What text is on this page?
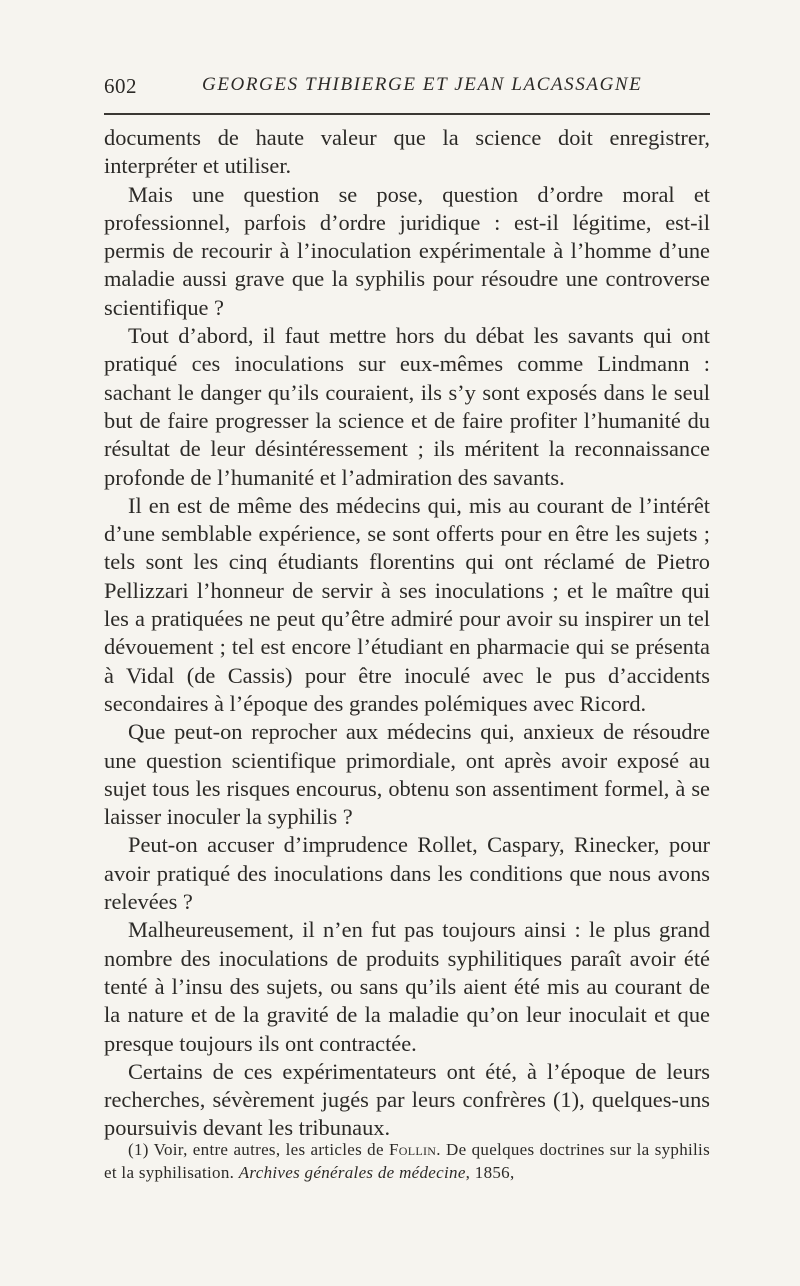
602	GEORGES THIBIERGE ET JEAN LACASSAGNE

documents de haute valeur que la science doit enregistrer, interpréter et utiliser.

Mais une question se pose, question d’ordre moral et professionnel, parfois d’ordre juridique : est-il légitime, est-il permis de recourir à l’inoculation expérimentale à l’homme d’une maladie aussi grave que la syphilis pour résoudre une controverse scientifique ?

Tout d’abord, il faut mettre hors du débat les savants qui ont pratiqué ces inoculations sur eux-mêmes comme Lindmann : sachant le danger qu’ils couraient, ils s’y sont exposés dans le seul but de faire progresser la science et de faire profiter l’humanité du résultat de leur désintéressement ; ils méritent la reconnaissance profonde de l’humanité et l’admiration des savants.

Il en est de même des médecins qui, mis au courant de l’intérêt d’une semblable expérience, se sont offerts pour en être les sujets ; tels sont les cinq étudiants florentins qui ont réclamé de Pietro Pellizzari l’honneur de servir à ses inoculations ; et le maître qui les a pratiquées ne peut qu’être admiré pour avoir su inspirer un tel dévouement ; tel est encore l’étudiant en pharmacie qui se présenta à Vidal (de Cassis) pour être inoculé avec le pus d’accidents secondaires à l’époque des grandes polémiques avec Ricord.

Que peut-on reprocher aux médecins qui, anxieux de résoudre une question scientifique primordiale, ont après avoir exposé au sujet tous les risques encourus, obtenu son assentiment formel, à se laisser inoculer la syphilis ?

Peut-on accuser d’imprudence Rollet, Caspary, Rinecker, pour avoir pratiqué des inoculations dans les conditions que nous avons relevées ?

Malheureusement, il n’en fut pas toujours ainsi : le plus grand nombre des inoculations de produits syphilitiques paraît avoir été tenté à l’insu des sujets, ou sans qu’ils aient été mis au courant de la nature et de la gravité de la maladie qu’on leur inoculait et que presque toujours ils ont contractée.

Certains de ces expérimentateurs ont été, à l’époque de leurs recherches, sévèrement jugés par leurs confrères (1), quelques-uns poursuivis devant les tribunaux.

(1) Voir, entre autres, les articles de Follin. De quelques doctrines sur la syphilis et la syphilisation. Archives générales de médecine, 1856,
